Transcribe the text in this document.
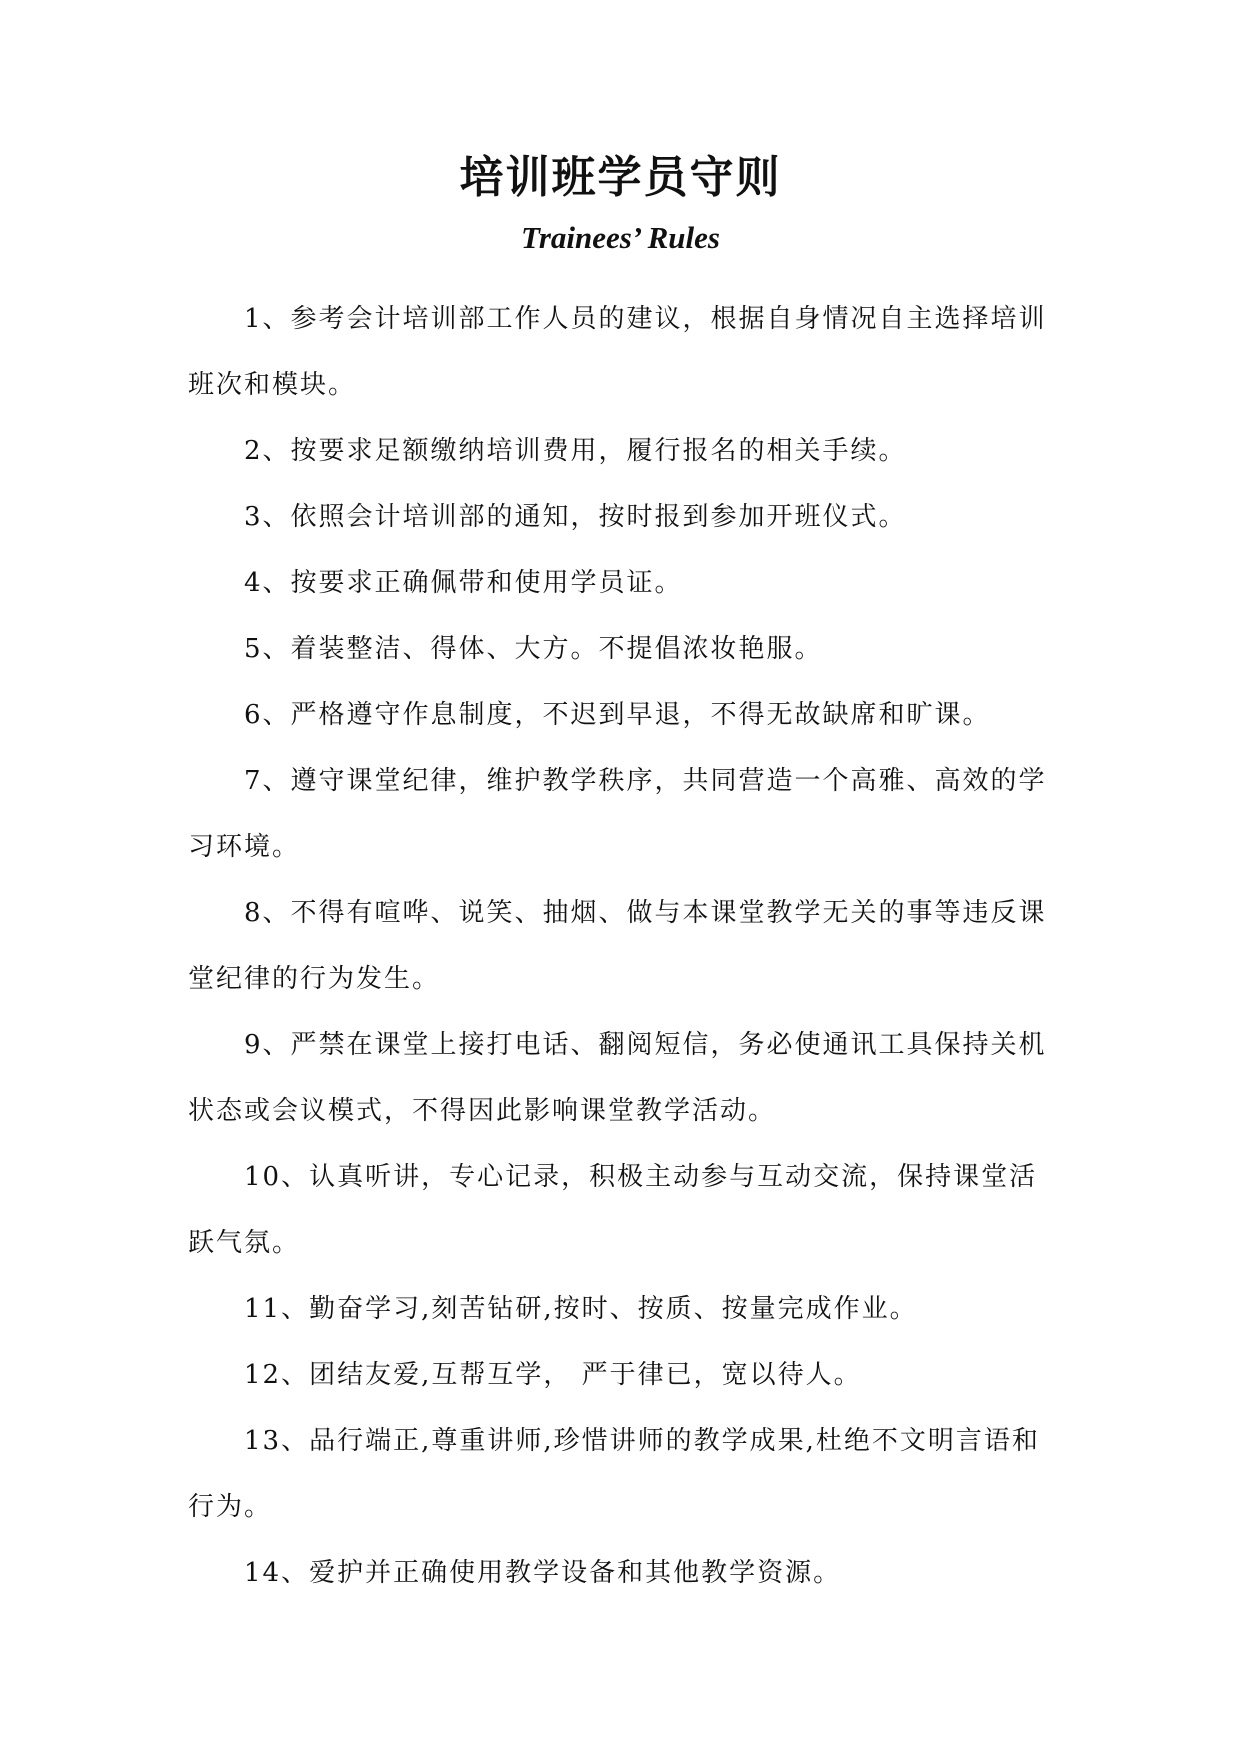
培训班学员守则
Trainees’ Rules
1、参考会计培训部工作人员的建议，根据自身情况自主选择培训班次和模块。
2、按要求足额缴纳培训费用，履行报名的相关手续。
3、依照会计培训部的通知，按时报到参加开班仪式。
4、按要求正确佩带和使用学员证。
5、着装整洁、得体、大方。不提倡浓妆艳服。
6、严格遵守作息制度，不迟到早退，不得无故缺席和旷课。
7、遵守课堂纪律，维护教学秩序，共同营造一个高雅、高效的学习环境。
8、不得有喧哗、说笑、抽烟、做与本课堂教学无关的事等违反课堂纪律的行为发生。
9、严禁在课堂上接打电话、翻阅短信，务必使通讯工具保持关机状态或会议模式，不得因此影响课堂教学活动。
10、认真听讲，专心记录，积极主动参与互动交流，保持课堂活跃气氛。
11、勤奋学习,刻苦钻研,按时、按质、按量完成作业。
12、团结友爱,互帮互学， 严于律已，宽以待人。
13、品行端正,尊重讲师,珍惜讲师的教学成果,杜绝不文明言语和行为。
14、爱护并正确使用教学设备和其他教学资源。
